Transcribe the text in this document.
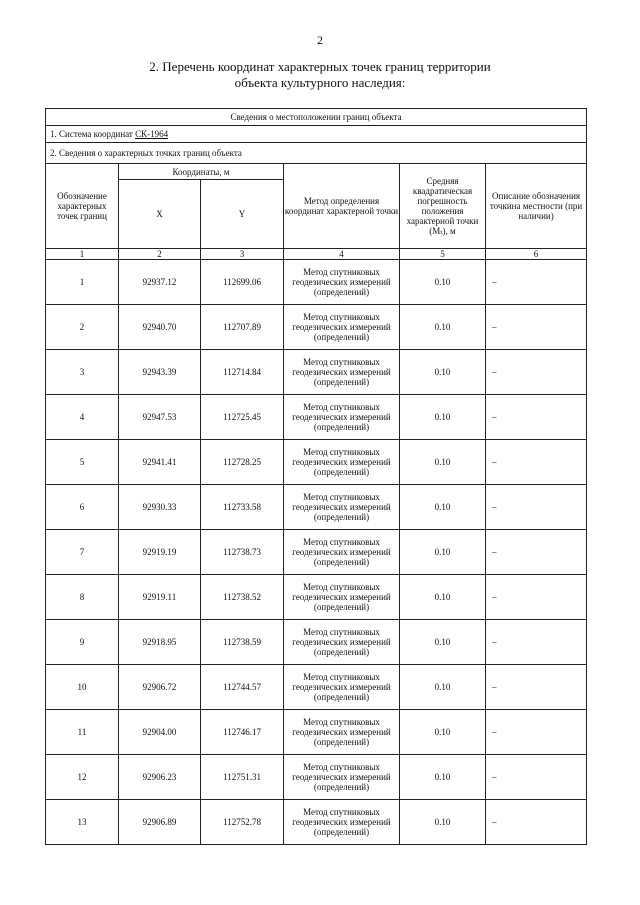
2
2. Перечень координат характерных точек границ территории
объекта культурного наследия:
Сведения о местоположении границ объекта					
1. Система координат СК-1964					
2. Сведения о характерных точках границ объекта					
Обозначение характерных точек границ	Координаты, м		Метод определения координат характерной точки	Средняя квадратическая погрешность положения характерной точки (Mₜ), м	Описание обозначения точкина местности (при наличии)
	X	Y			
1	2	3	4	5	6
1	92937.12	112699.06	Метод спутниковых геодезических измерений (определений)	0.10	–
2	92940.70	112707.89	Метод спутниковых геодезических измерений (определений)	0.10	–
3	92943.39	112714.84	Метод спутниковых геодезических измерений (определений)	0.10	–
4	92947.53	112725.45	Метод спутниковых геодезических измерений (определений)	0.10	–
5	92941.41	112728.25	Метод спутниковых геодезических измерений (определений)	0.10	–
6	92930.33	112733.58	Метод спутниковых геодезических измерений (определений)	0.10	–
7	92919.19	112738.73	Метод спутниковых геодезических измерений (определений)	0.10	–
8	92919.11	112738.52	Метод спутниковых геодезических измерений (определений)	0.10	–
9	92918.95	112738.59	Метод спутниковых геодезических измерений (определений)	0.10	–
10	92906.72	112744.57	Метод спутниковых геодезических измерений (определений)	0.10	–
11	92904.00	112746.17	Метод спутниковых геодезических измерений (определений)	0.10	–
12	92906.23	112751.31	Метод спутниковых геодезических измерений (определений)	0.10	–
13	92906.89	112752.78	Метод спутниковых геодезических измерений (определений)	0.10	–
